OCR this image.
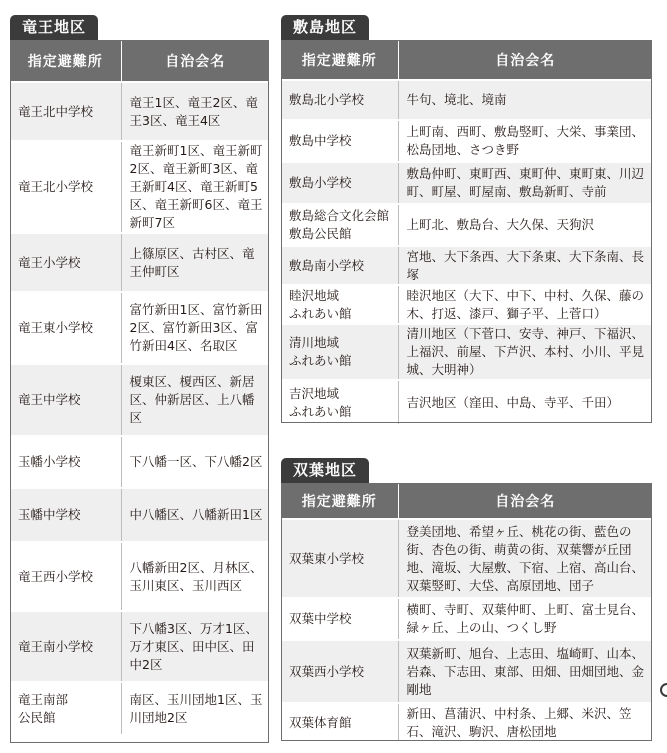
竜王地区
指定避難所	自治会名
竜王北中学校	竜王1区、竜王2区、竜王3区、竜王4区
竜王北小学校	竜王新町1区、竜王新町2区、竜王新町3区、竜王新町4区、竜王新町5区、竜王新町6区、竜王新町7区
竜王小学校	上篠原区、古村区、竜王仲町区
竜王東小学校	富竹新田1区、富竹新田2区、富竹新田3区、富竹新田4区、名取区
竜王中学校	榎東区、榎西区、新居区、仲新居区、上八幡区
玉幡小学校	下八幡一区、下八幡2区
玉幡中学校	中八幡区、八幡新田1区
竜王西小学校	八幡新田2区、月林区、玉川東区、玉川西区
竜王南小学校	下八幡3区、万才1区、万才東区、田中区、田中2区
竜王南部
公民館	南区、玉川団地1区、玉川団地2区
敷島地区
指定避難所	自治会名
敷島北小学校	牛句、境北、境南
敷島中学校	上町南、西町、敷島竪町、大栄、事業団、松島団地、さつき野
敷島小学校	敷島仲町、東町西、東町仲、東町東、川辺町、町屋、町屋南、敷島新町、寺前
敷島総合文化会館
敷島公民館	上町北、敷島台、大久保、天狗沢
敷島南小学校	宮地、大下条西、大下条東、大下条南、長塚
睦沢地域
ふれあい館	睦沢地区（大下、中下、中村、久保、藤の木、打返、漆戸、獅子平、上菅口）
清川地域
ふれあい館	清川地区（下菅口、安寺、神戸、下福沢、上福沢、前屋、下芦沢、本村、小川、平見城、大明神）
吉沢地域
ふれあい館	吉沢地区（窪田、中島、寺平、千田）
双葉地区
指定避難所	自治会名
双葉東小学校	登美団地、希望ヶ丘、桃花の街、藍色の街、杏色の街、萌黄の街、双葉響が丘団地、滝坂、大屋敷、下宿、上宿、高山台、双葉竪町、大垈、高原団地、団子
双葉中学校	横町、寺町、双葉仲町、上町、富士見台、緑ヶ丘、上の山、つくし野
双葉西小学校	双葉新町、旭台、上志田、塩崎町、山本、岩森、下志田、東部、田畑、田畑団地、金剛地
双葉体育館	新田、菖蒲沢、中村条、上郷、米沢、笠石、滝沢、駒沢、唐松団地
